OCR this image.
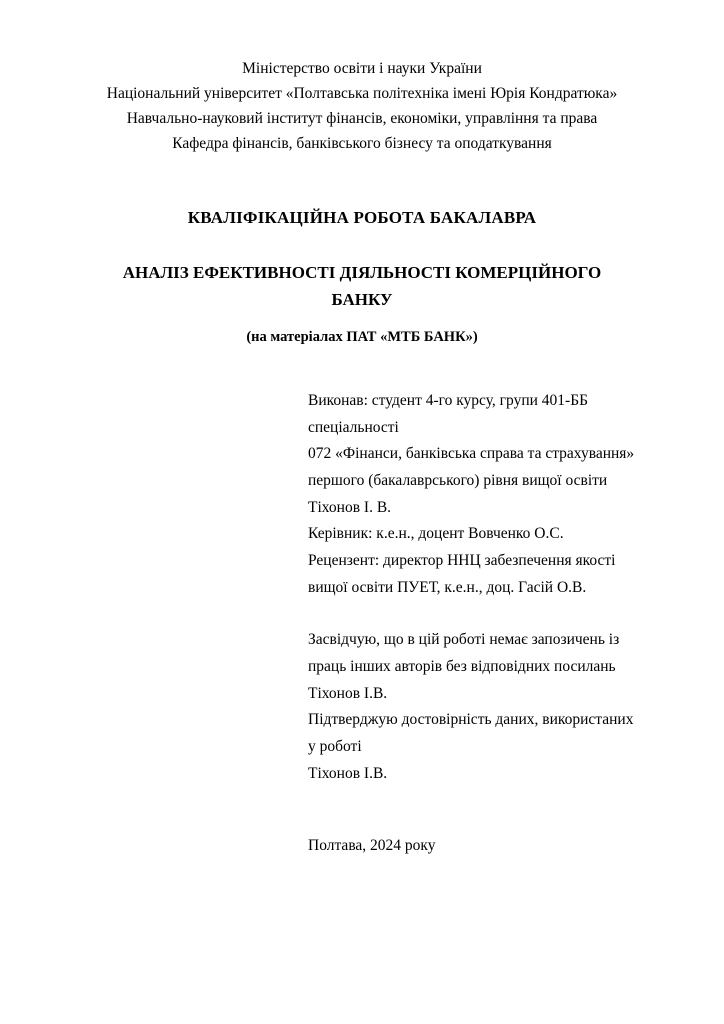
Міністерство освіти і науки України
Національний університет «Полтавська політехніка імені Юрія Кондратюка»
Навчально-науковий інститут фінансів, економіки, управління та права
Кафедра фінансів, банківського бізнесу та оподаткування
КВАЛІФІКАЦІЙНА РОБОТА БАКАЛАВРА
АНАЛІЗ ЕФЕКТИВНОСТІ ДІЯЛЬНОСТІ КОМЕРЦІЙНОГО БАНКУ
(на матеріалах ПАТ «МТБ БАНК»)
Виконав: студент 4-го курсу, групи 401-ББ
спеціальності
072 «Фінанси, банківська справа та страхування»
першого (бакалаврського) рівня вищої освіти
Тіхонов І. В.
Керівник: к.е.н., доцент Вовченко О.С.
Рецензент: директор ННЦ забезпечення якості
вищої освіти ПУЕТ, к.е.н., доц. Гасій О.В.
Засвідчую, що в цій роботі немає запозичень із
праць інших авторів без відповідних посилань
Тіхонов І.В.
Підтверджую достовірність даних, використаних
у роботі
Тіхонов І.В.
Полтава, 2024 року
